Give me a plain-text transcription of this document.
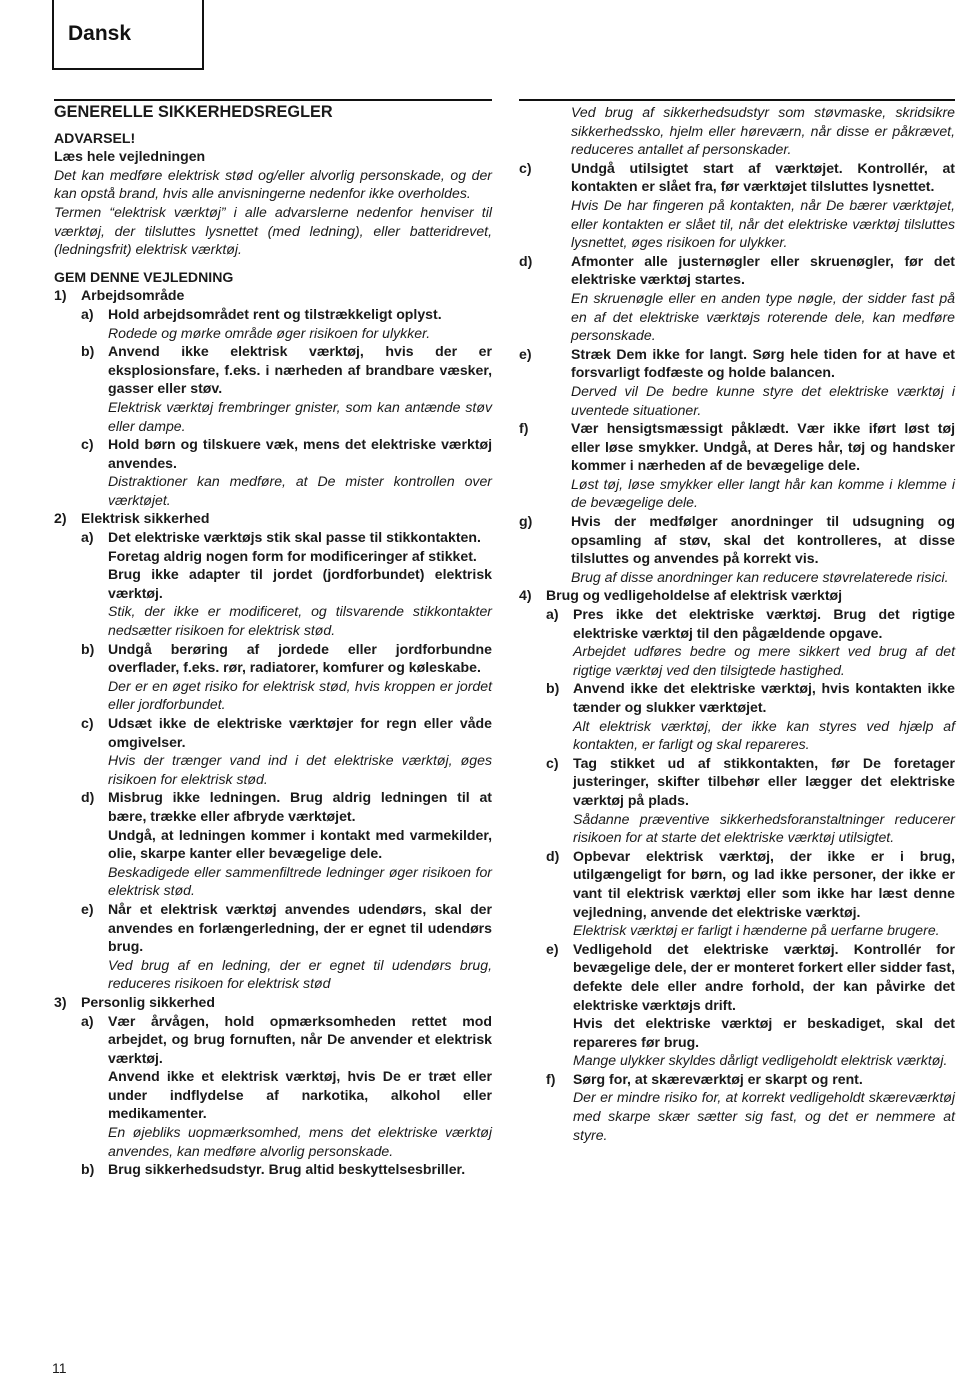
Dansk

GENERELLE SIKKERHEDSREGLER

ADVARSEL!

Læs hele vejledningen

Det kan medføre elektrisk stød og/eller alvorlig personskade, og der kan opstå brand, hvis alle anvisningerne nedenfor ikke overholdes.

Termen “elektrisk værktøj” i alle advarslerne nedenfor henviser til værktøj, der tilsluttes lysnettet (med ledning), eller batteridrevet, (ledningsfrit) elektrisk værktøj.

GEM DENNE VEJLEDNING

1)	Arbejdsområde
a)	Hold arbejdsområdet rent og tilstrækkeligt oplyst.

Rodede og mørke område øger risikoen for ulykker.

b) Anvend ikke elektrisk værktøj, hvis der er eksplosionsfare, f.eks. i nærheden af brandbare væsker, gasser eller støv.

Elektrisk værktøj frembringer gnister, som kan antænde støv eller dampe.

c)	Hold børn og tilskuere væk, mens det elektriske værktøj anvendes.

Distraktioner kan medføre, at De mister kontrollen over værktøjet.

2)	Elektrisk sikkerhed
a)	Det elektriske værktøjs stik skal passe til stikkontakten.

Foretag aldrig nogen form for modificeringer af stikket.

Brug ikke adapter til jordet (jordforbundet) elektrisk værktøj.

Stik, der ikke er modificeret, og tilsvarende stikkontakter nedsætter risikoen for elektrisk stød.

b) Undgå berøring af jordede eller jordforbundne overflader, f.eks. rør, radiatorer, komfurer og køleskabe.

Der er en øget risiko for elektrisk stød, hvis kroppen er jordet eller jordforbundet.

c)	Udsæt ikke de elektriske værktøjer for regn eller våde omgivelser.

Hvis der trænger vand ind i det elektriske værktøj, øges risikoen for elektrisk stød.

d) Misbrug ikke ledningen. Brug aldrig ledningen til at bære, trække eller afbryde værktøjet.

Undgå, at ledningen kommer i kontakt med varmekilder, olie, skarpe kanter eller bevægelige dele.

Beskadigede eller sammenfiltrede ledninger øger risikoen for elektrisk stød.

e)	Når et elektrisk værktøj anvendes udendørs, skal der anvendes en forlængerledning, der er egnet til udendørs brug.

Ved brug af en ledning, der er egnet til udendørs brug, reduceres risikoen for elektrisk stød

3)	Personlig sikkerhed
a)	Vær årvågen, hold opmærksomheden rettet mod arbejdet, og brug fornuften, når De anvender et elektrisk værktøj.

Anvend ikke et elektrisk værktøj, hvis De er træt eller under indflydelse af narkotika, alkohol eller medikamenter.

En øjebliks uopmærksomhed, mens det elektriske værktøj anvendes, kan medføre alvorlig personskade.

b) Brug sikkerhedsudstyr. Brug altid beskyttelsesbriller.

Ved brug af sikkerhedsudstyr som støvmaske, skridsikre sikkerhedssko, hjelm eller høreværn, når disse er påkrævet, reduceres antallet af personskader.

c)	Undgå utilsigtet start af værktøjet. Kontrollér, at kontakten er slået fra, før værktøjet tilsluttes lysnettet.

Hvis De har fingeren på kontakten, når De bærer værktøjet, eller kontakten er slået til, når det elektriske værktøj tilsluttes lysnettet, øges risikoen for ulykker.

d)	Afmonter alle justernøgler eller skruenøgler, før det elektriske værktøj startes.

En skruenøgle eller en anden type nøgle, der sidder fast på en af det elektriske værktøjs roterende dele, kan medføre personskade.

e)	Stræk Dem ikke for langt. Sørg hele tiden for at have et forsvarligt fodfæste og holde balancen.

Derved vil De bedre kunne styre det elektriske værktøj i uventede situationer.

f)	Vær hensigtsmæssigt påklædt. Vær ikke iført løst tøj eller løse smykker. Undgå, at Deres hår, tøj og handsker kommer i nærheden af de bevægelige dele.

Løst tøj, løse smykker eller langt hår kan komme i klemme i de bevægelige dele.

g)	Hvis der medfølger anordninger til udsugning og opsamling af støv, skal det kontrolleres, at disse tilsluttes og anvendes på korrekt vis.

Brug af disse anordninger kan reducere støvrelaterede risici.

4)	Brug og vedligeholdelse af elektrisk værktøj
a)	Pres ikke det elektriske værktøj. Brug det rigtige elektriske værktøj til den pågældende opgave.

Arbejdet udføres bedre og mere sikkert ved brug af det rigtige værktøj ved den tilsigtede hastighed.

b) Anvend ikke det elektriske værktøj, hvis kontakten ikke tænder og slukker værktøjet.

Alt elektrisk værktøj, der ikke kan styres ved hjælp af kontakten, er farligt og skal repareres.

c)	Tag stikket ud af stikkontakten, før De foretager justeringer, skifter tilbehør eller lægger det elektriske værktøj på plads.

Sådanne præventive sikkerhedsforanstaltninger reducerer risikoen for at starte det elektriske værktøj utilsigtet.

d) Opbevar elektrisk værktøj, der ikke er i brug, utilgængeligt for børn, og lad ikke personer, der ikke er vant til elektrisk værktøj eller som ikke har læst denne vejledning, anvende det elektriske værktøj.

Elektrisk værktøj er farligt i hænderne på uerfarne brugere.

e)	Vedligehold det elektriske værktøj. Kontrollér for bevægelige dele, der er monteret forkert eller sidder fast, defekte dele eller andre forhold, der kan påvirke det elektriske værktøjs drift.

Hvis det elektriske værktøj er beskadiget, skal det repareres før brug.

Mange ulykker skyldes dårligt vedligeholdt elektrisk værktøj.

f)	Sørg for, at skæreværktøj er skarpt og rent.

Der er mindre risiko for, at korrekt vedligeholdt skæreværktøj med skarpe skær sætter sig fast, og det er nemmere at styre.

11
